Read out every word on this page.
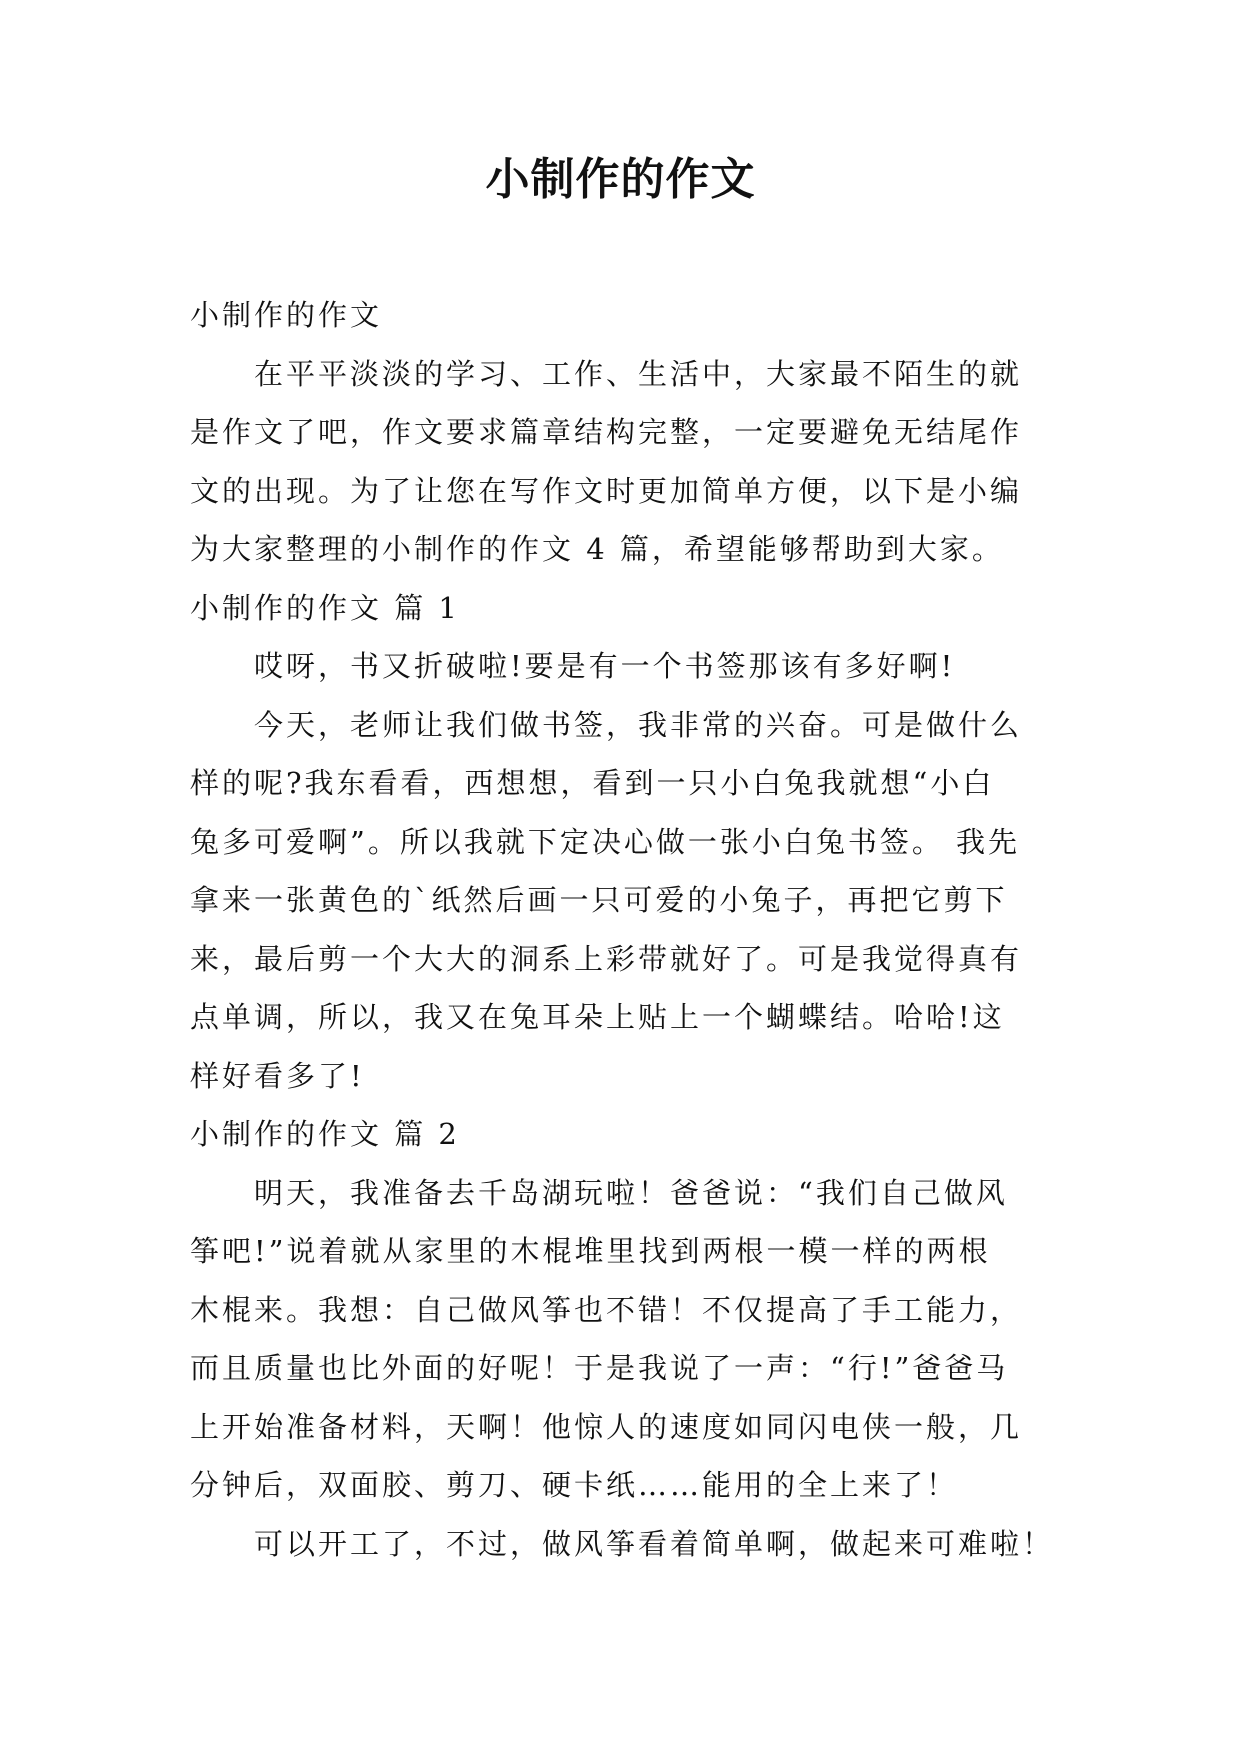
小制作的作文
小制作的作文
在平平淡淡的学习、工作、生活中，大家最不陌生的就
是作文了吧，作文要求篇章结构完整，一定要避免无结尾作
文的出现。为了让您在写作文时更加简单方便，以下是小编
为大家整理的小制作的作文 4 篇，希望能够帮助到大家。
小制作的作文 篇 1
哎呀，书又折破啦!要是有一个书签那该有多好啊!
今天，老师让我们做书签，我非常的兴奋。可是做什么
样的呢?我东看看，西想想，看到一只小白兔我就想“小白
兔多可爱啊”。所以我就下定决心做一张小白兔书签。 我先
拿来一张黄色的`纸然后画一只可爱的小兔子，再把它剪下
来，最后剪一个大大的洞系上彩带就好了。可是我觉得真有
点单调，所以，我又在兔耳朵上贴上一个蝴蝶结。哈哈!这
样好看多了!
小制作的作文 篇 2
明天，我准备去千岛湖玩啦！爸爸说：“我们自己做风
筝吧!”说着就从家里的木棍堆里找到两根一模一样的两根
木棍来。我想：自己做风筝也不错！不仅提高了手工能力，
而且质量也比外面的好呢！于是我说了一声：“行!”爸爸马
上开始准备材料，天啊！他惊人的速度如同闪电侠一般，几
分钟后，双面胶、剪刀、硬卡纸……能用的全上来了！
可以开工了，不过，做风筝看着简单啊，做起来可难啦！
